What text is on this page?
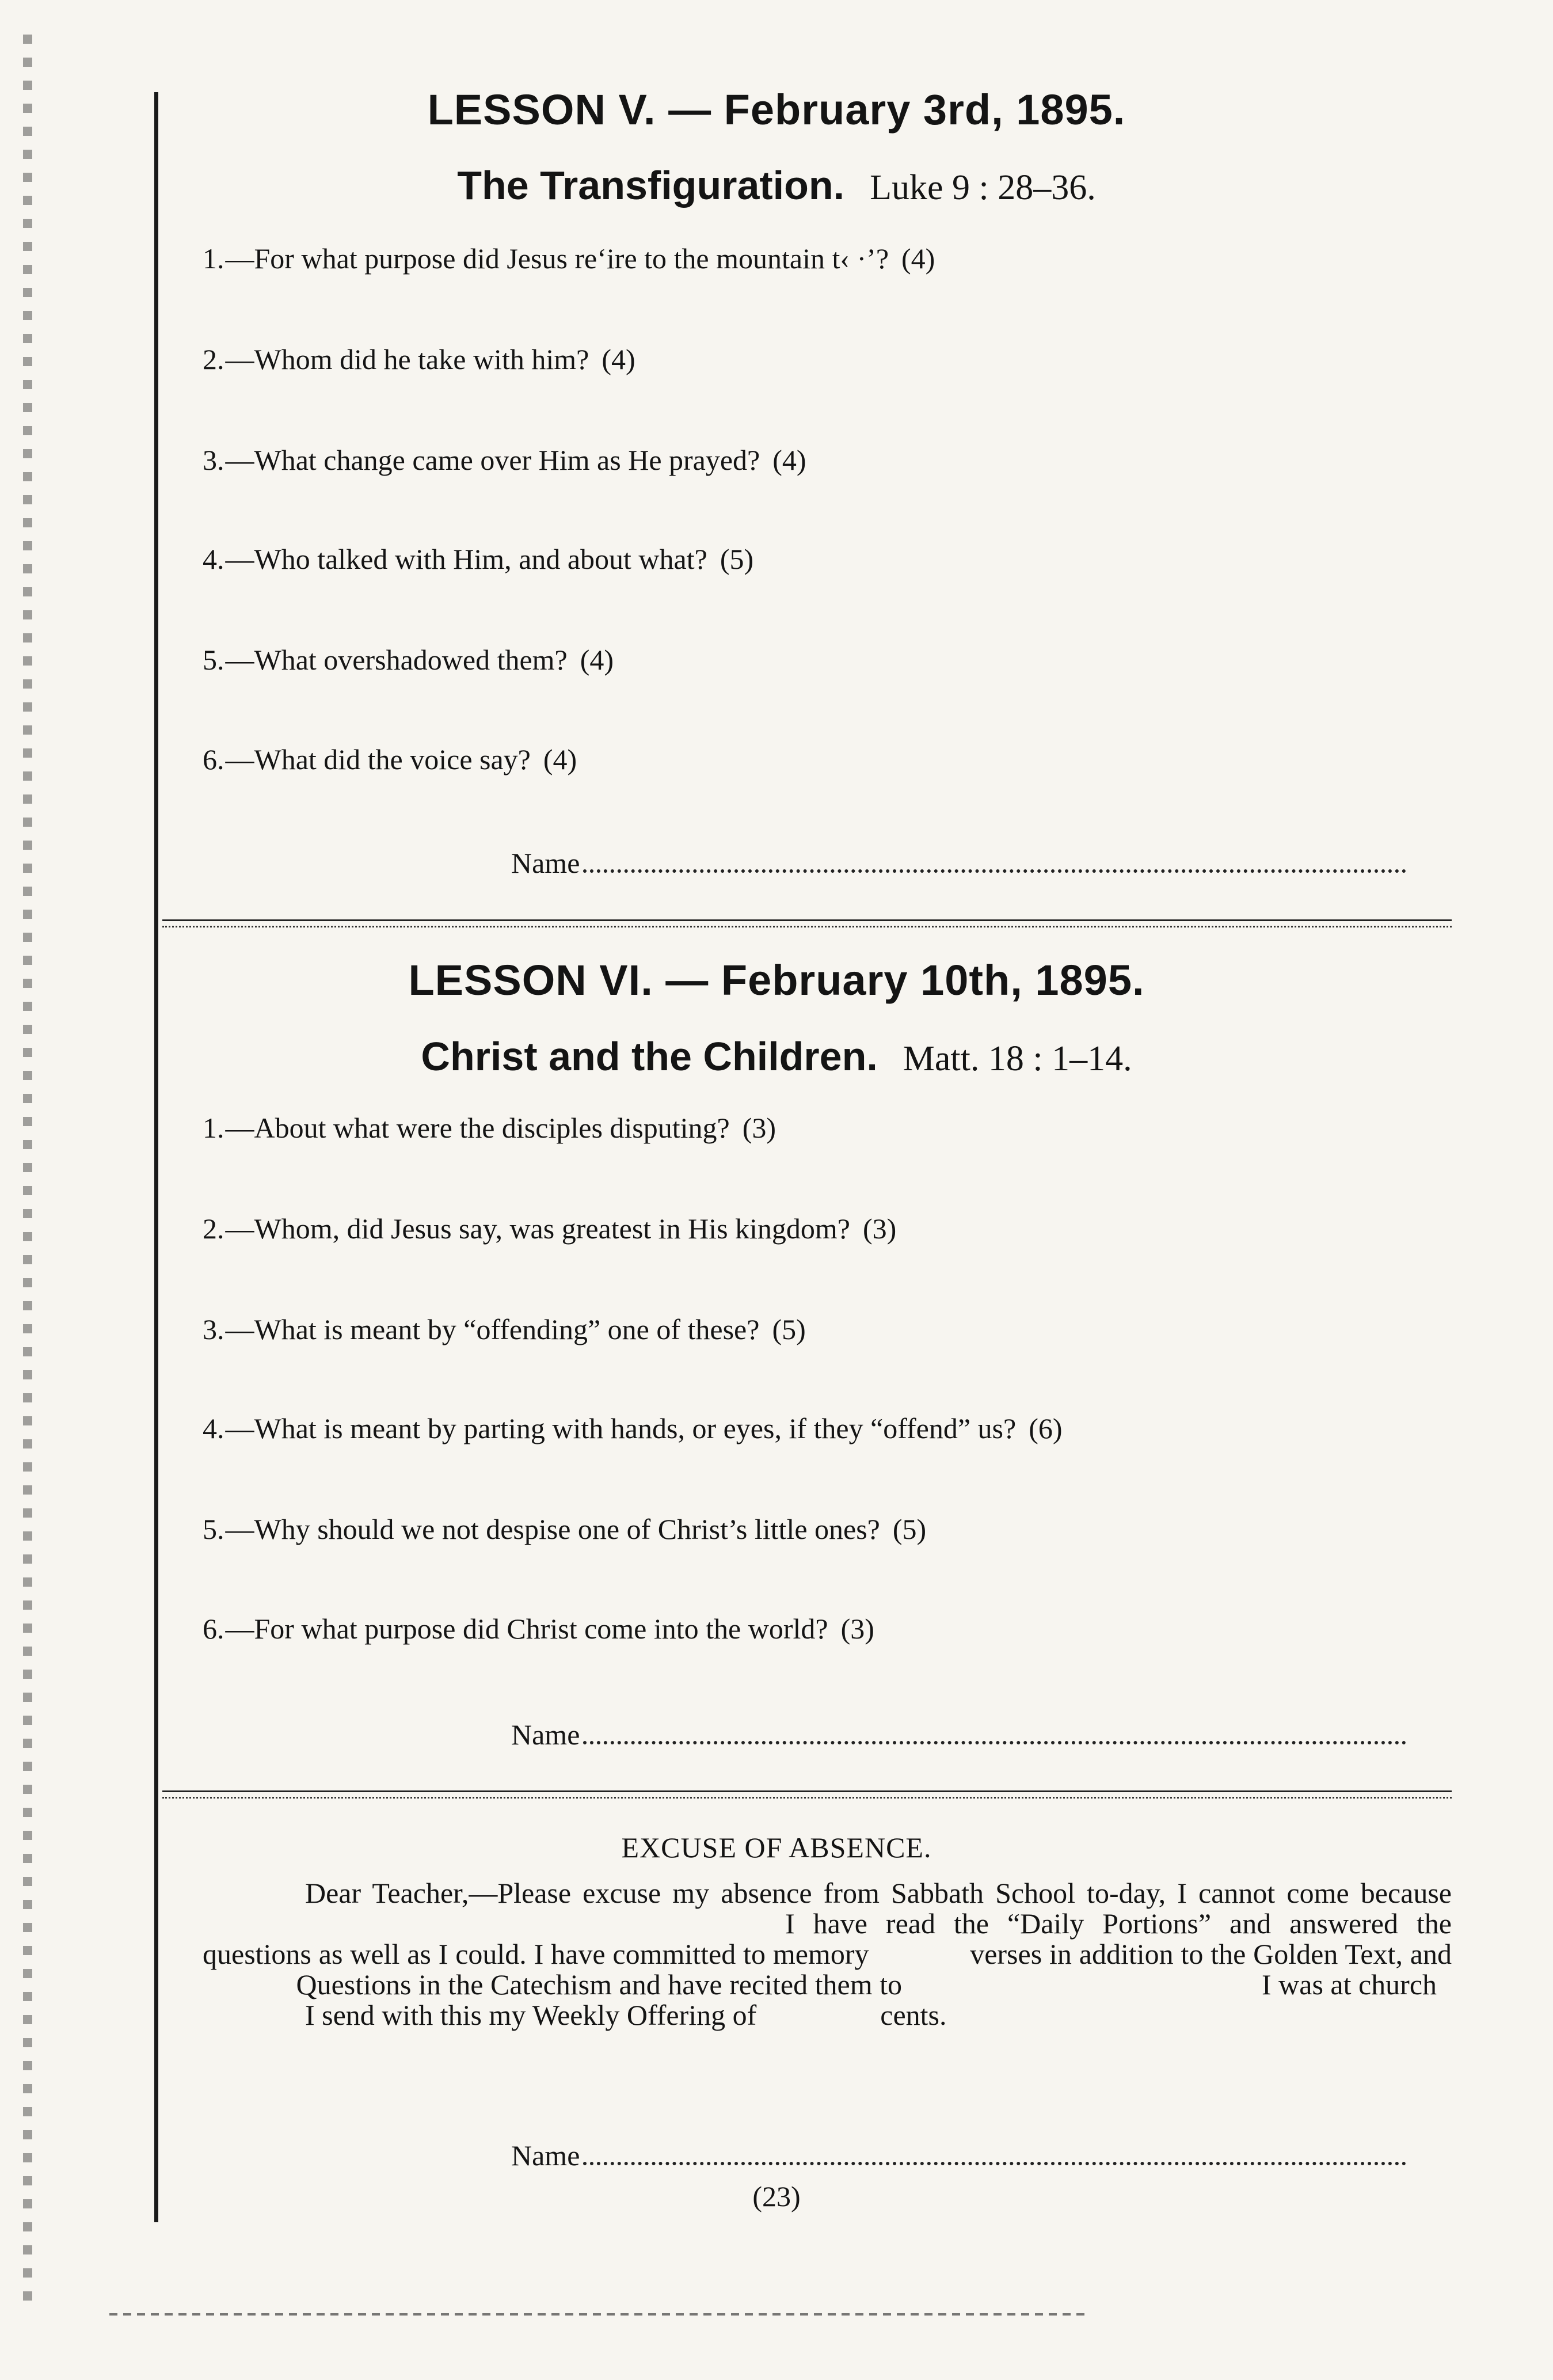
LESSON V. — February 3rd, 1895.
The Transfiguration. Luke 9 : 28–36.
1.—For what purpose did Jesus re‘ire to the mountain t‹ ·’? (4)
2.—Whom did he take with him? (4)
3.—What change came over Him as He prayed? (4)
4.—Who talked with Him, and about what? (5)
5.—What overshadowed them? (4)
6.—What did the voice say? (4)
Name
LESSON VI. — February 10th, 1895.
Christ and the Children. Matt. 18 : 1–14.
1.—About what were the disciples disputing? (3)
2.—Whom, did Jesus say, was greatest in His kingdom? (3)
3.—What is meant by “offending” one of these? (5)
4.—What is meant by parting with hands, or eyes, if they “offend” us? (6)
5.—Why should we not despise one of Christ’s little ones? (5)
6.—For what purpose did Christ come into the world? (3)
Name
EXCUSE OF ABSENCE.

Dear Teacher,—Please excuse my absence from Sabbath School to-day, I cannot come because  I have read the “Daily Portions” and answered the questions as well as I could. I have committed to memory	verses in addition to the Golden Text, and  Questions in the Catechism and have recited them to	I was at church

I send with this my Weekly Offering of	cents.

Name
(23)
